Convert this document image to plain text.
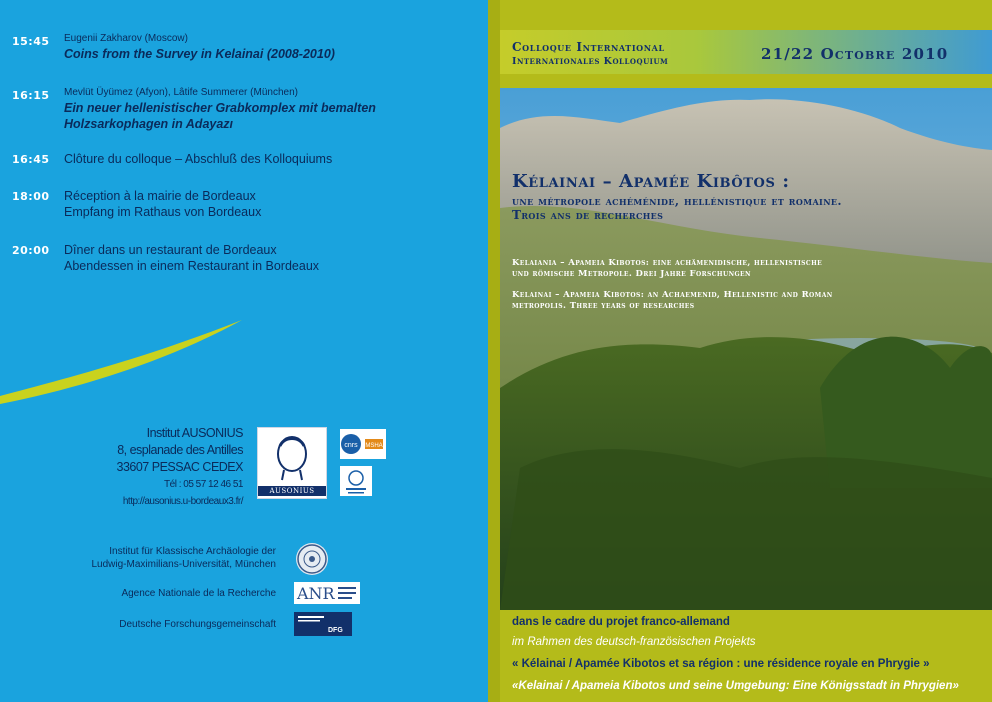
15:45	Eugenii Zakharov (Moscow)
Coins from the Survey in Kelainai (2008-2010)
16:15	Mevlüt Üyümez (Afyon), Lâtife Summerer (München)
Ein neuer hellenistischer Grabkomplex mit bemalten
Holzsarkophagen in Adayazı
16:45	Clôture du colloque – Abschluß des Kolloquiums
18:00	Réception à la mairie de Bordeaux
Empfang im Rathaus von Bordeaux
20:00	Dîner dans un restaurant de Bordeaux
Abendessen in einem Restaurant in Bordeaux
Institut AUSONIUS
8, esplanade des Antilles
33607 PESSAC CEDEX
Tél : 05 57 12 46 51
http://ausonius.u-bordeaux3.fr/
AUSONIUS
cnrs MSHA
Institut für Klassische Archäologie der
Ludwig-Maximilians-Universität, München
Agence Nationale de la Recherche ANR
Deutsche Forschungsgemeinschaft
DFG
Colloque International
Internationales Kolloquium	21/22 Octobre 2010
Kélainai – Apamée Kibôtos :
une métropole achéménide, hellénistique et romaine.
Trois ans de recherches
Kelaiania – Apameia Kibotos: eine achämenidische, hellenistische
und römische Metropole. Drei Jahre Forschungen
Kelainai – Apameia Kibotos: an Achaemenid, Hellenistic and Roman
metropolis. Three years of researches
dans le cadre du projet franco-allemand
im Rahmen des deutsch-französischen Projekts
« Kélainai / Apamée Kibotos et sa région : une résidence royale en Phrygie »
«Kelainai / Apameia Kibotos und seine Umgebung: Eine Königsstadt in Phrygien»
